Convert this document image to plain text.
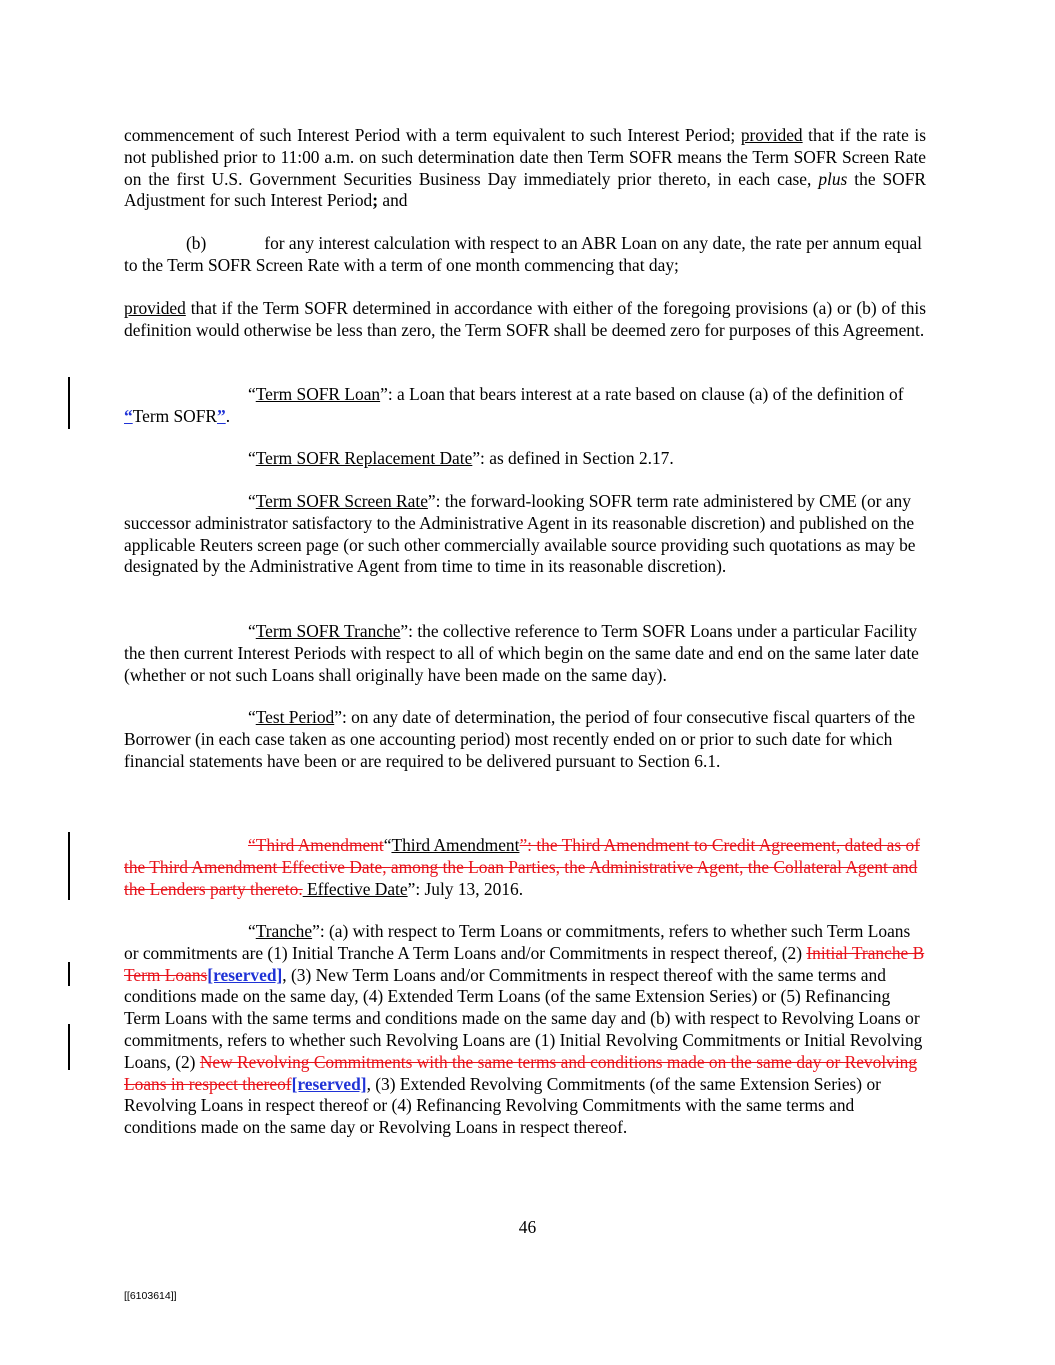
commencement of such Interest Period with a term equivalent to such Interest Period; provided that if the rate is not published prior to 11:00 a.m. on such determination date then Term SOFR means the Term SOFR Screen Rate on the first U.S. Government Securities Business Day immediately prior thereto, in each case, plus the SOFR Adjustment for such Interest Period; and

(b)	for any interest calculation with respect to an ABR Loan on any date, the rate per annum equal to the Term SOFR Screen Rate with a term of one month commencing that day;

provided that if the Term SOFR determined in accordance with either of the foregoing provisions (a) or (b) of this definition would otherwise be less than zero, the Term SOFR shall be deemed zero for purposes of this Agreement.

“Term SOFR Loan”: a Loan that bears interest at a rate based on clause (a) of the definition of “Term SOFR”.

“Term SOFR Replacement Date”: as defined in Section 2.17.

“Term SOFR Screen Rate”: the forward-looking SOFR term rate administered by CME (or any successor administrator satisfactory to the Administrative Agent in its reasonable discretion) and published on the applicable Reuters screen page (or such other commercially available source providing such quotations as may be designated by the Administrative Agent from time to time in its reasonable discretion).

“Term SOFR Tranche”: the collective reference to Term SOFR Loans under a particular Facility the then current Interest Periods with respect to all of which begin on the same date and end on the same later date (whether or not such Loans shall originally have been made on the same day).

“Test Period”: on any date of determination, the period of four consecutive fiscal quarters of the Borrower (in each case taken as one accounting period) most recently ended on or prior to such date for which financial statements have been or are required to be delivered pursuant to Section 6.1.

“Third Amendment“Third Amendment”: the Third Amendment to Credit Agreement, dated as of the Third Amendment Effective Date, among the Loan Parties, the Administrative Agent, the Collateral Agent and the Lenders party thereto. Effective Date”: July 13, 2016.

“Tranche”: (a) with respect to Term Loans or commitments, refers to whether such Term Loans or commitments are (1) Initial Tranche A Term Loans and/or Commitments in respect thereof, (2) Initial Tranche B Term Loans[reserved], (3) New Term Loans and/or Commitments in respect thereof with the same terms and conditions made on the same day, (4) Extended Term Loans (of the same Extension Series) or (5) Refinancing Term Loans with the same terms and conditions made on the same day and (b) with respect to Revolving Loans or commitments, refers to whether such Revolving Loans are (1) Initial Revolving Commitments or Initial Revolving Loans, (2) New Revolving Commitments with the same terms and conditions made on the same day or Revolving Loans in respect thereof[reserved], (3) Extended Revolving Commitments (of the same Extension Series) or Revolving Loans in respect thereof or (4) Refinancing Revolving Commitments with the same terms and conditions made on the same day or Revolving Loans in respect thereof.

46
[[6103614]]
